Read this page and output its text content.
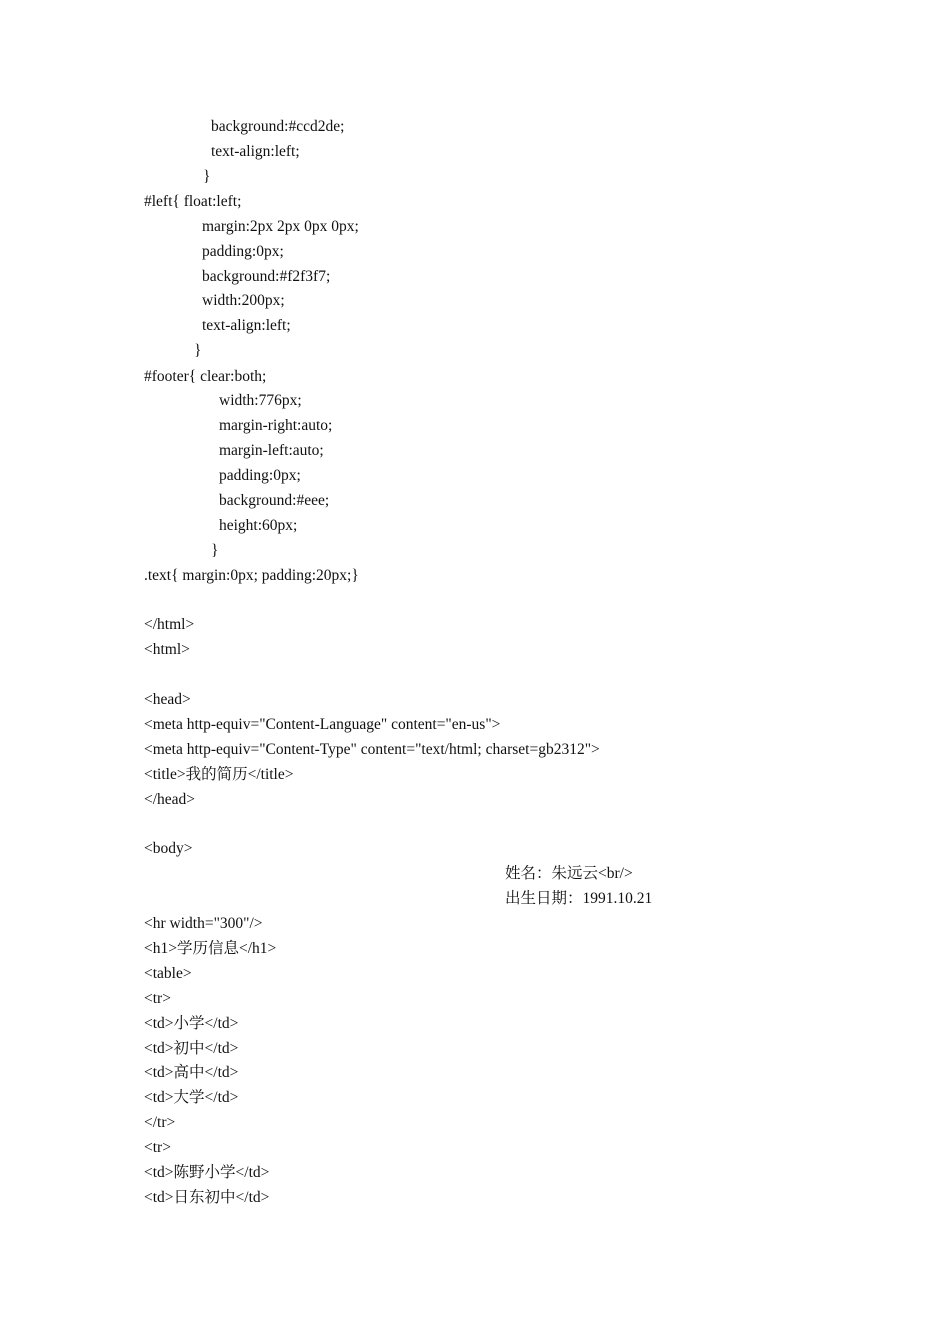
background:#ccd2de;
text-align:left;
}
#left{ float:left;
margin:2px 2px 0px 0px;
padding:0px;
background:#f2f3f7;
width:200px;
text-align:left;
}
#footer{ clear:both;
width:776px;
margin-right:auto;
margin-left:auto;
padding:0px;
background:#eee;
height:60px;
}
.text{ margin:0px; padding:20px;}
</html>
<html>
<head>
<meta http-equiv="Content-Language" content="en-us">
<meta http-equiv="Content-Type" content="text/html; charset=gb2312">
<title>我的简历</title>
</head>
<body>
姓名：朱远云<br/>
出生日期：1991.10.21
<hr width="300"/>
<h1>学历信息</h1>
<table>
<tr>
<td>小学</td>
<td>初中</td>
<td>高中</td>
<td>大学</td>
</tr>
<tr>
<td>陈野小学</td>
<td>日东初中</td>
